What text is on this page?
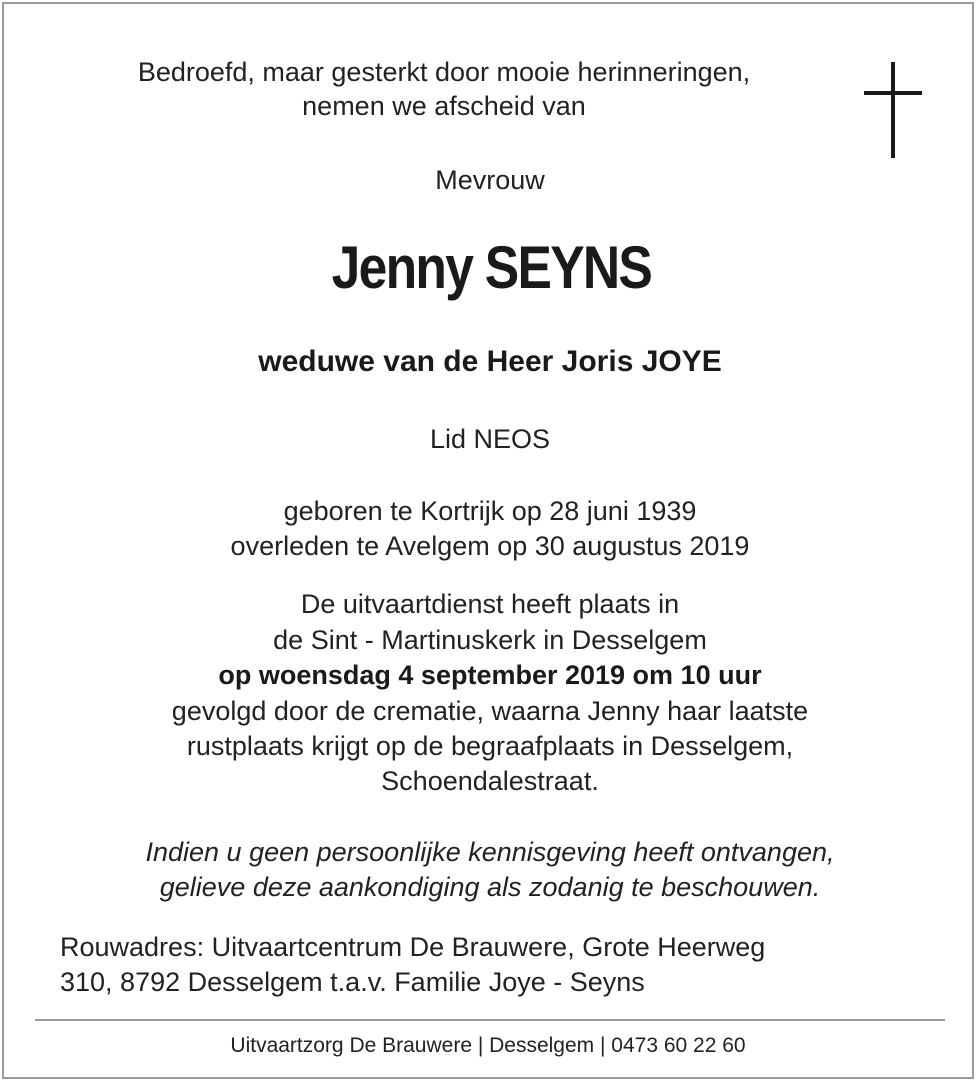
Bedroefd, maar gesterkt door mooie herinneringen,
nemen we afscheid van
Mevrouw
Jenny SEYNS
weduwe van de Heer Joris JOYE
Lid NEOS
geboren te Kortrijk op 28 juni 1939
overleden te Avelgem op 30 augustus 2019
De uitvaartdienst heeft plaats in
de Sint - Martinuskerk in Desselgem
op woensdag 4 september 2019 om 10 uur
gevolgd door de crematie, waarna Jenny haar laatste
rustplaats krijgt op de begraafplaats in Desselgem,
Schoendalestraat.
Indien u geen persoonlijke kennisgeving heeft ontvangen,
gelieve deze aankondiging als zodanig te beschouwen.
Rouwadres: Uitvaartcentrum De Brauwere, Grote Heerweg
310, 8792 Desselgem t.a.v. Familie Joye - Seyns
Uitvaartzorg De Brauwere | Desselgem | 0473 60 22 60
